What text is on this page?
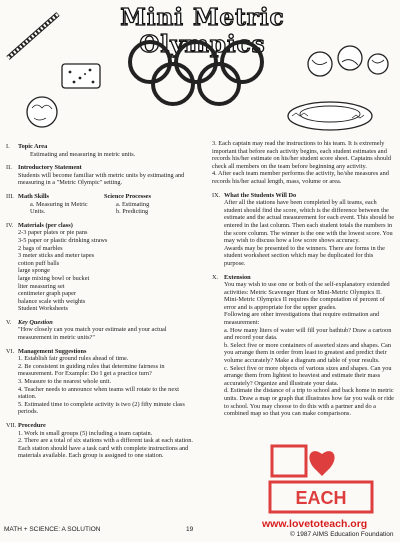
Mini Metric Olympics
I.	Topic Area
Estimating and measuring in metric units.
II. Introductory Statement
Students will become familiar with metric units by estimating and measuring in a "Metric Olympic" setting.
III. Math Skills
a. Measuring in Metric Units.
Science Processes
a. Estimating
b. Predicting
IV. Materials (per class)
2-3 paper plates or pie pans
3-5 paper or plastic drinking straws
2 bags of marbles
3 meter sticks and meter tapes
cotton puff balls
large sponge
large mixing bowl or bucket
liter measuring set
centimeter graph paper
balance scale with weights
Student Worksheets
V.	Key Question
"How closely can you match your estimate and your actual measurement in metric units?"
VI. Management Suggestions
1. Establish fair ground rules ahead of time.
2. Be consistent in guiding rules that determine fairness in measurement. For Example: Do I get a practice turn?
3. Measure to the nearest whole unit.
4. Teacher needs to announce when teams will rotate to the next station.
5. Estimated time to complete activity is two (2) fifty minute class periods.
VII. Procedure
1. Work in small groups (5) including a team captain.
2. There are a total of six stations with a different task at each station. Each station should have a task card with complete instructions and materials available. Each group is assigned to one station.
3. Each captain may read the instructions to his team. It is extremely important that before each activity begins, each student estimates and records his/her estimate on his/her student score sheet. Captains should check all members on the team before beginning any activity.
4. After each team member performs the activity, he/she measures and records his/her actual length, mass, volume or area.
IX. What the Students Will Do
After all the stations have been completed by all teams, each student should find the score, which is the difference between the estimate and the actual measurement for each event. This should be entered in the last column. Then each student totals the numbers in the score column. The winner is the one with the lowest score. You may wish to discuss how a low score shows accuracy.
Awards may be presented to the winners. There are forms in the student worksheet section which may be duplicated for this purpose.
X. Extension
You may wish to use one or both of the self-explanatory extended activities: Metric Scavenger Hunt or Mini-Metric Olympics II. Mini-Metric Olympics II requires the computation of percent of error and is appropriate for the upper grades.
Following are other investigations that require estimation and measurement:
a. How many liters of water will fill your bathtub? Draw a cartoon and record your data.
b. Select five or more containers of assorted sizes and shapes. Can you arrange them in order from least to greatest and predict their volume accurately? Make a diagram and table of your results.
c. Select five or more objects of various sizes and shapes. Can you arrange them from lightest to heaviest and estimate their mass accurately? Organize and illustrate your data.
d. Estimate the distance of a trip to school and back home in metric units. Draw a map or graph that illustrates how far you walk or ride to school. You may choose to do this with a partner and do a combined map so that you can make comparisons.
EACH
www.lovetoteach.org
MATH + SCIENCE: A SOLUTION	19
© 1987 AIMS Education Foundation
